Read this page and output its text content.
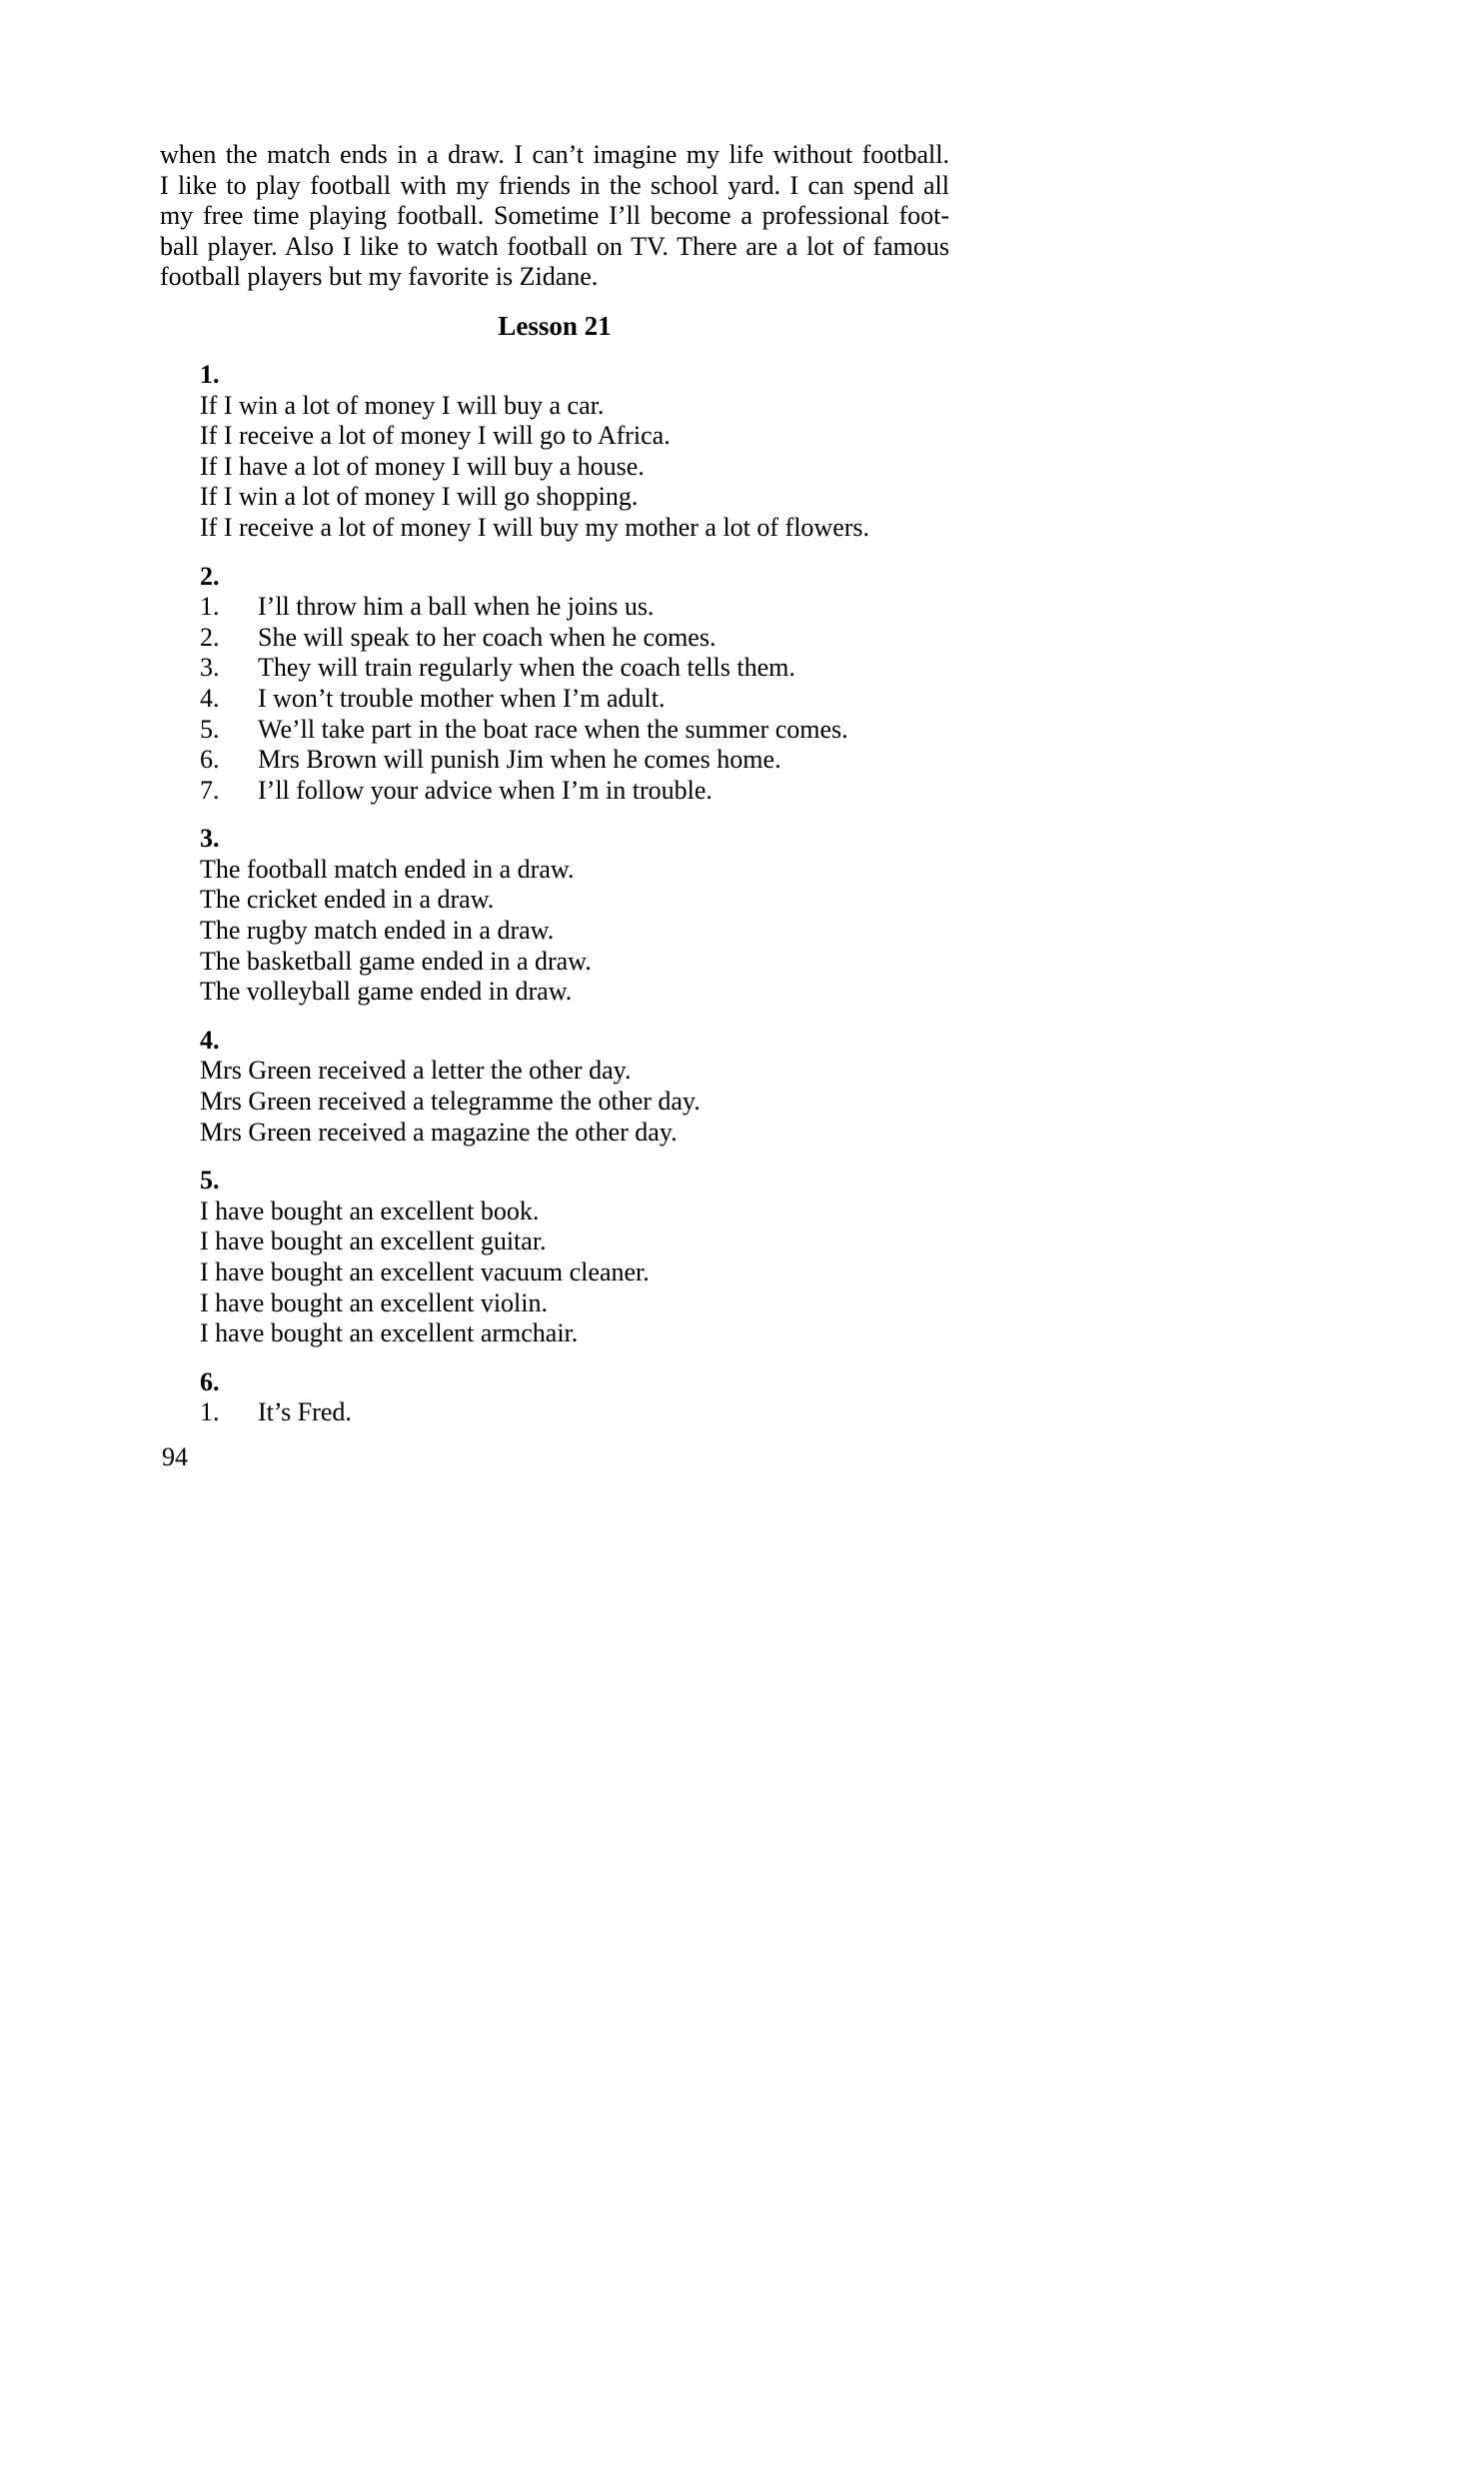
when the match ends in a draw. I can’t imagine my life without football.
I like to play football with my friends in the school yard. I can spend all
my free time playing football. Sometime I’ll become a professional foot-
ball player. Also I like to watch football on TV. There are a lot of famous
football players but my favorite is Zidane.
Lesson 21
1.
If I win a lot of money I will buy a car.
If I receive a lot of money I will go to Africa.
If I have a lot of money I will buy a house.
If I win a lot of money I will go shopping.
If I receive a lot of money I will buy my mother a lot of flowers.
2.
1.	I’ll throw him a ball when he joins us.
2.	She will speak to her coach when he comes.
3.	They will train regularly when the coach tells them.
4.	I won’t trouble mother when I’m adult.
5.	We’ll take part in the boat race when the summer comes.
6.	Mrs Brown will punish Jim when he comes home.
7.	I’ll follow your advice when I’m in trouble.
3.
The football match ended in a draw.
The cricket ended in a draw.
The rugby match ended in a draw.
The basketball game ended in a draw.
The volleyball game ended in draw.
4.
Mrs Green received a letter the other day.
Mrs Green received a telegramme the other day.
Mrs Green received a magazine the other day.
5.
I have bought an excellent book.
I have bought an excellent guitar.
I have bought an excellent vacuum cleaner.
I have bought an excellent violin.
I have bought an excellent armchair.
6.
1.	It’s Fred.
94
